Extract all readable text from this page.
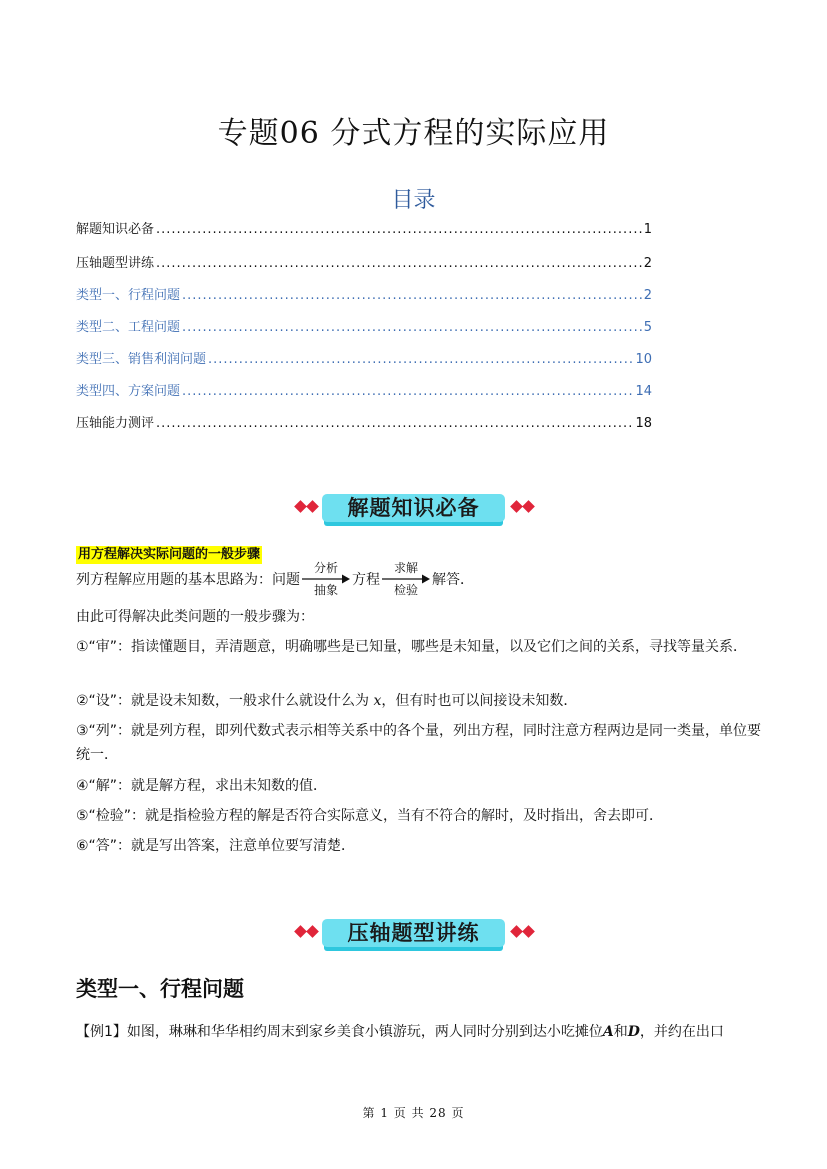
专题06 分式方程的实际应用
目录
解题知识必备 .....	1
压轴题型讲练 .....	2
类型一、行程问题 .....	2
类型二、工程问题 .....	5
类型三、销售利润问题 .....	10
类型四、方案问题 .....	14
压轴能力测评 .....	18
解题知识必备
用方程解决实际问题的一般步骤
列方程解应用题的基本思路为：问题
分析
抽象
方程
求解
检验
解答．
由此可得解决此类问题的一般步骤为：
①“审”：指读懂题目，弄清题意，明确哪些是已知量，哪些是未知量，以及它们之间的关系，寻找等量关系．
②“设”：就是设未知数，一般求什么就设什么为 x，但有时也可以间接设未知数．
③“列”：就是列方程，即列代数式表示相等关系中的各个量，列出方程，同时注意方程两边是同一类量，单位要统一．
④“解”：就是解方程，求出未知数的值．
⑤“检验”：就是指检验方程的解是否符合实际意义，当有不符合的解时，及时指出，舍去即可．
⑥“答”：就是写出答案，注意单位要写清楚．
压轴题型讲练
类型一、行程问题
【例1】如图，琳琳和华华相约周末到家乡美食小镇游玩，两人同时分别到达小吃摊位A和D，并约在出口
第 1 页 共 28 页
